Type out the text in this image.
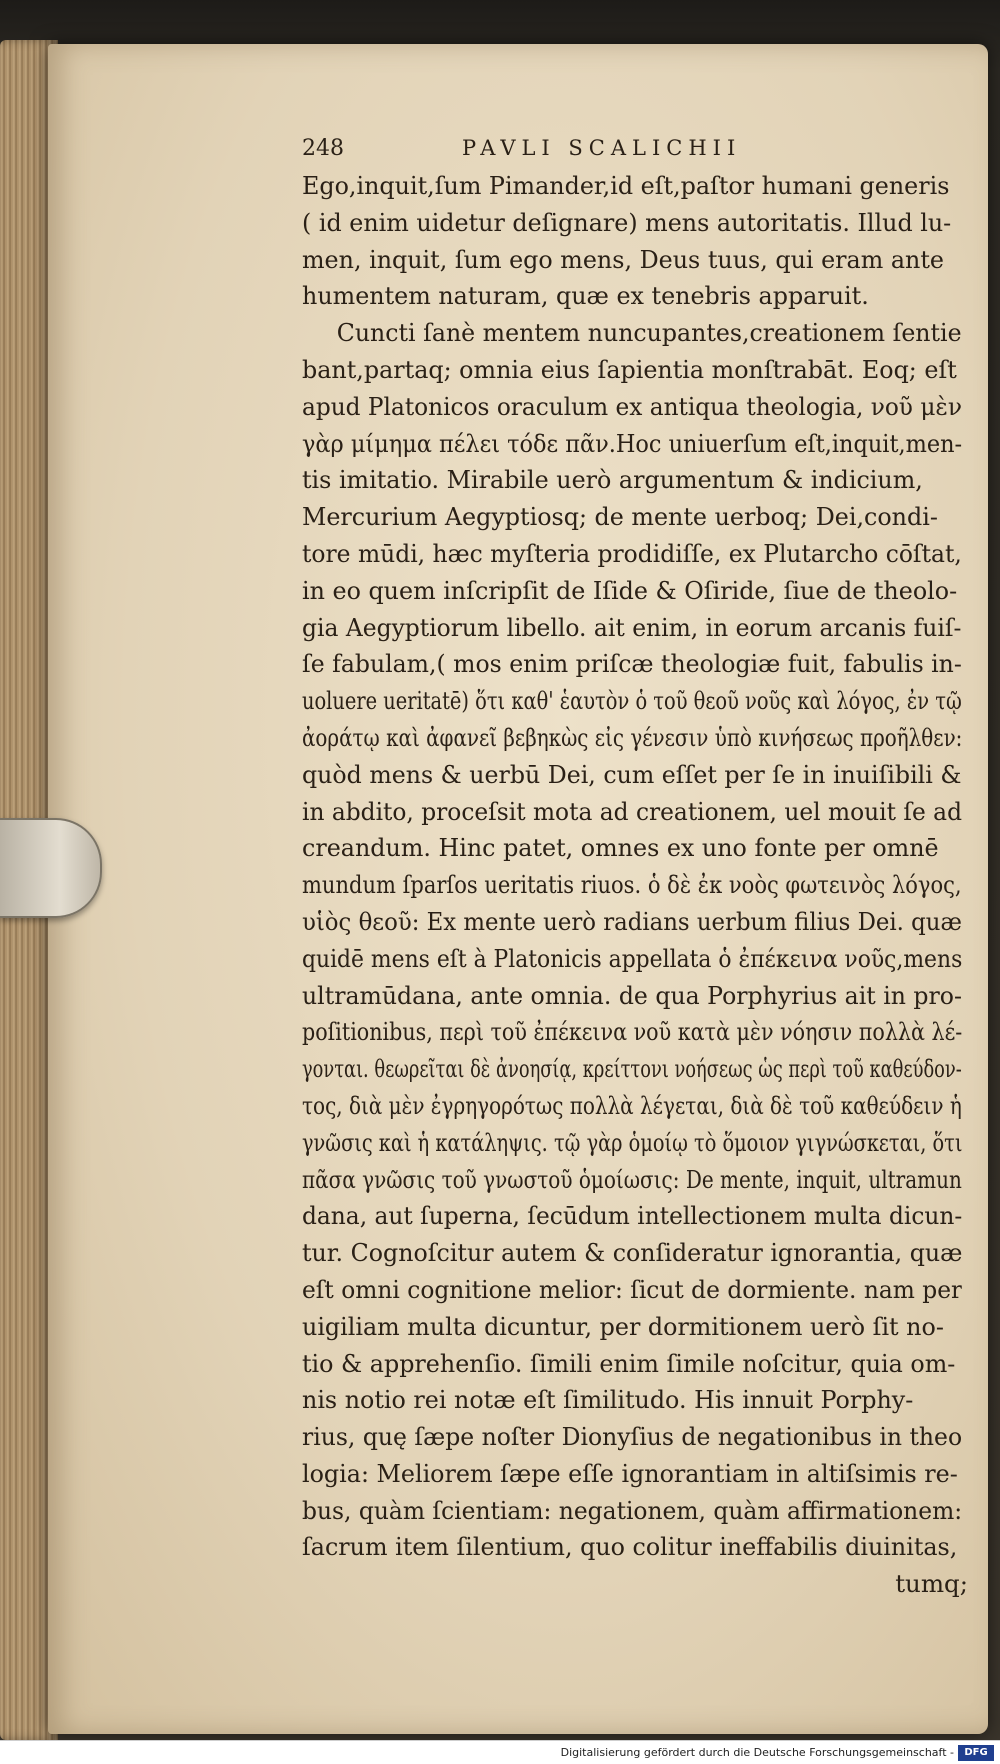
248	PAVLI SCALICHII
Ego,inquit,ſum Pimander,id eſt,paſtor humani generis
( id enim uidetur deſignare) mens autoritatis. Illud lu-
men, inquit, ſum ego mens, Deus tuus, qui eram ante
humentem naturam, quæ ex tenebris apparuit.
Cuncti ſanè mentem nuncupantes,creationem ſentie
bant,partaq; omnia eius ſapientia monſtrabāt. Eoq; eſt
apud Platonicos oraculum ex antiqua theologia, νοῦ μὲν
γὰρ μίμημα πέλει τόδε πᾶν.Hoc uniuerſum eſt,inquit,men-
tis imitatio. Mirabile uerò argumentum & indicium,
Mercurium Aegyptiosq; de mente uerboq; Dei,condi-
tore mūdi, hæc myſteria prodidiſſe, ex Plutarcho cōſtat,
in eo quem inſcripſit de Iſide & Oſiride, ſiue de theolo-
gia Aegyptiorum libello. ait enim, in eorum arcanis fuiſ-
ſe fabulam,( mos enim priſcæ theologiæ fuit, fabulis in-
uoluere ueritatē) ὅτι καθ' ἑαυτὸν ὁ τοῦ θεοῦ νοῦς καὶ λόγος, ἐν τῷ
ἀοράτῳ καὶ ἀφανεῖ βεβηκὼς εἰς γένεσιν ὑπὸ κινήσεως προῆλθεν:
quòd mens & uerbū Dei, cum eſſet per ſe in inuiſibili &
in abdito, proceſsit mota ad creationem, uel mouit ſe ad
creandum. Hinc patet, omnes ex uno fonte per omnē
mundum ſparſos ueritatis riuos. ὁ δὲ ἐκ νοὸς φωτεινὸς λόγος,
υἱὸς θεοῦ: Ex mente uerò radians uerbum filius Dei. quæ
quidē mens eſt à Platonicis appellata ὁ ἐπέκεινα νοῦς,mens
ultramūdana, ante omnia. de qua Porphyrius ait in pro-
poſitionibus, περὶ τοῦ ἐπέκεινα νοῦ κατὰ μὲν νόησιν πολλὰ λέ-
γονται. θεωρεῖται δὲ ἀνοησίᾳ, κρείττονι νοήσεως ὡς περὶ τοῦ καθεύδον-
τος, διὰ μὲν ἐγρηγορότως πολλὰ λέγεται, διὰ δὲ τοῦ καθεύδειν ἡ
γνῶσις καὶ ἡ κατάληψις. τῷ γὰρ ὁμοίῳ τὸ ὅμοιον γιγνώσκεται, ὅτι
πᾶσα γνῶσις τοῦ γνωστοῦ ὁμοίωσις: De mente, inquit, ultramun
dana, aut ſuperna, ſecūdum intellectionem multa dicun-
tur. Cognoſcitur autem & conſideratur ignorantia, quæ
eſt omni cognitione melior: ſicut de dormiente. nam per
uigiliam multa dicuntur, per dormitionem uerò ſit no-
tio & apprehenſio. ſimili enim ſimile noſcitur, quia om-
nis notio rei notæ eſt ſimilitudo. His innuit Porphy-
rius, quę ſæpe noſter Dionyſius de negationibus in theo
logia: Meliorem ſæpe eſſe ignorantiam in altiſsimis re-
bus, quàm ſcientiam: negationem, quàm affirmationem:
ſacrum item ſilentium, quo colitur ineffabilis diuinitas,
tumq;
Digitalisierung gefördert durch die Deutsche Forschungsgemeinschaft -	DFG
